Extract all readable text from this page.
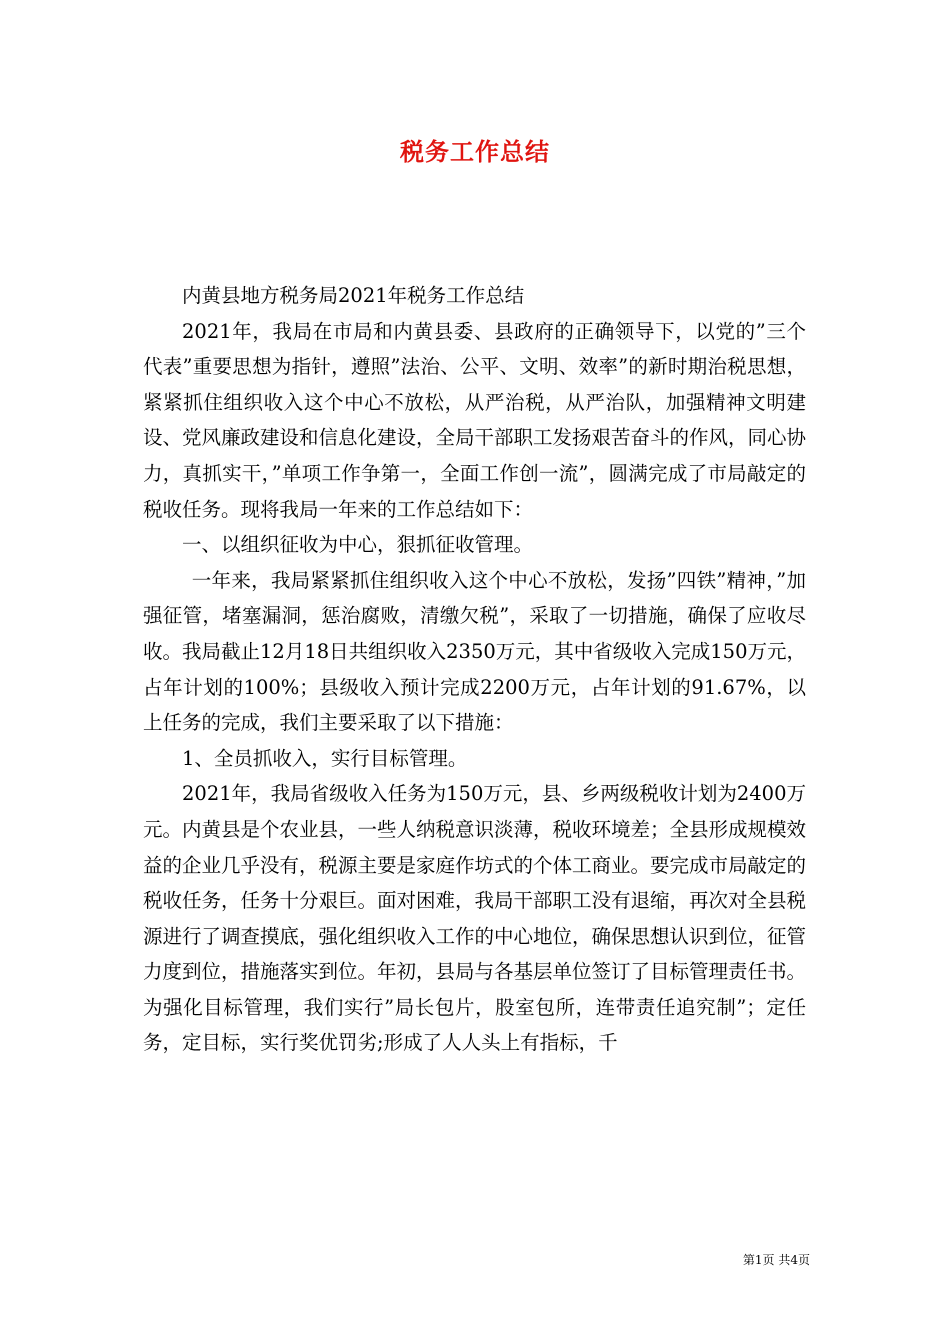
税务工作总结

内黄县地方税务局2021年税务工作总结

2021年，我局在市局和内黄县委、县政府的正确领导下，以党的”三个代表”重要思想为指针，遵照”法治、公平、文明、效率”的新时期治税思想，紧紧抓住组织收入这个中心不放松，从严治税，从严治队，加强精神文明建设、党风廉政建设和信息化建设，全局干部职工发扬艰苦奋斗的作风，同心协力，真抓实干，”单项工作争第一，全面工作创一流”，圆满完成了市局敲定的税收任务。现将我局一年来的工作总结如下：

一、以组织征收为中心，狠抓征收管理。

一年来，我局紧紧抓住组织收入这个中心不放松，发扬”四铁”精神，”加强征管，堵塞漏洞，惩治腐败，清缴欠税”，采取了一切措施，确保了应收尽收。我局截止12月18日共组织收入2350万元，其中省级收入完成150万元，占年计划的100%；县级收入预计完成2200万元，占年计划的91.67%，以上任务的完成，我们主要采取了以下措施：

1、全员抓收入，实行目标管理。

2021年，我局省级收入任务为150万元，县、乡两级税收计划为2400万元。内黄县是个农业县，一些人纳税意识淡薄，税收环境差；全县形成规模效益的企业几乎没有，税源主要是家庭作坊式的个体工商业。要完成市局敲定的税收任务，任务十分艰巨。面对困难，我局干部职工没有退缩，再次对全县税源进行了调查摸底，强化组织收入工作的中心地位，确保思想认识到位，征管力度到位，措施落实到位。年初，县局与各基层单位签订了目标管理责任书。为强化目标管理，我们实行”局长包片，股室包所，连带责任追究制”；定任务，定目标，实行奖优罚劣;形成了人人头上有指标，千

第1页 共4页
